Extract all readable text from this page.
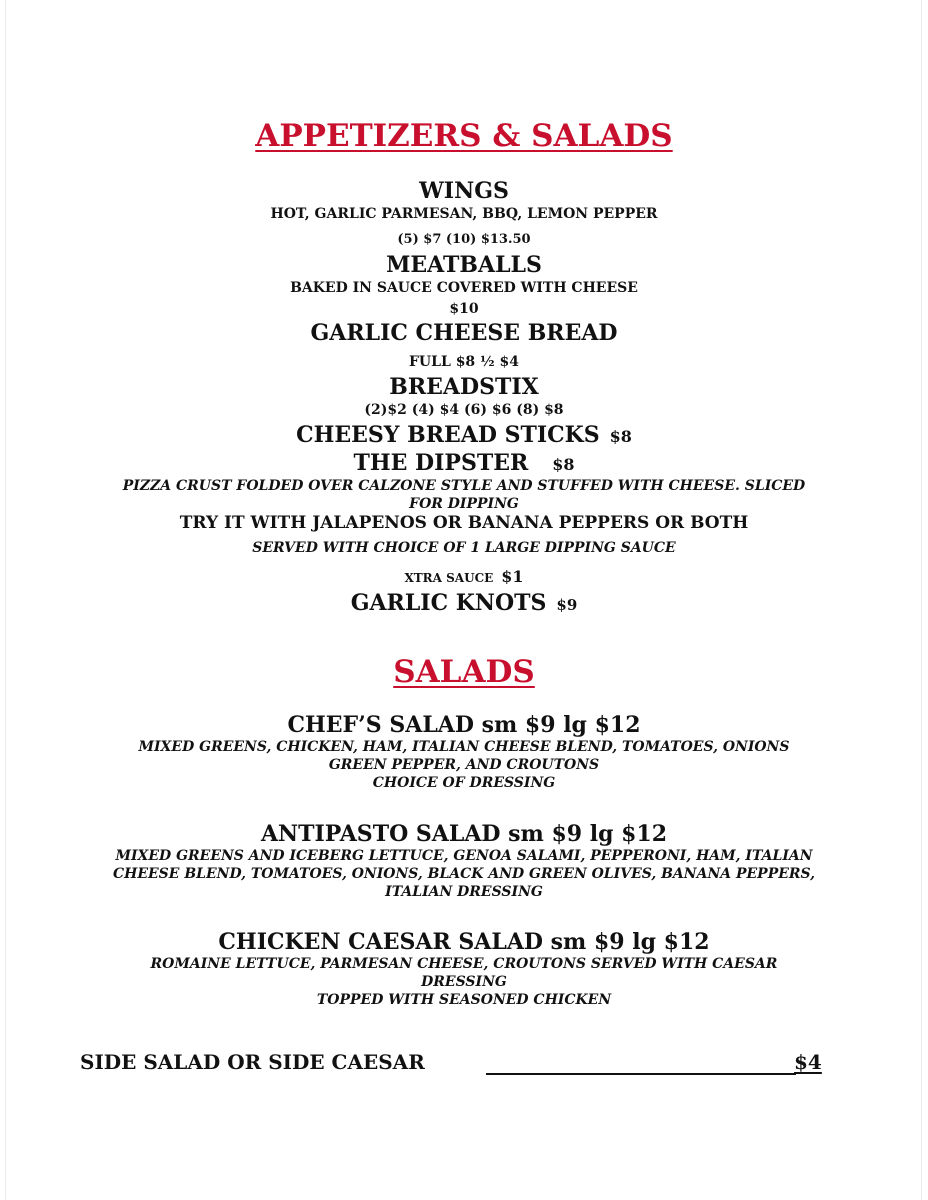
APPETIZERS & SALADS
WINGS
HOT, GARLIC PARMESAN, BBQ, LEMON PEPPER
(5) $7 (10) $13.50
MEATBALLS
BAKED IN SAUCE COVERED WITH CHEESE
$10
GARLIC CHEESE BREAD
FULL $8 ½ $4
BREADSTIX
(2)$2 (4) $4 (6) $6 (8) $8
CHEESY BREAD STICKS $8
THE DIPSTER $8
PIZZA CRUST FOLDED OVER CALZONE STYLE AND STUFFED WITH CHEESE. SLICED
FOR DIPPING
TRY IT WITH JALAPENOS OR BANANA PEPPERS OR BOTH
SERVED WITH CHOICE OF 1 LARGE DIPPING SAUCE
XTRA SAUCE $1
GARLIC KNOTS $9
SALADS
CHEF’S SALAD sm $9 lg $12
MIXED GREENS, CHICKEN, HAM, ITALIAN CHEESE BLEND, TOMATOES, ONIONS
GREEN PEPPER, AND CROUTONS
CHOICE OF DRESSING
ANTIPASTO SALAD sm $9 lg $12
MIXED GREENS AND ICEBERG LETTUCE, GENOA SALAMI, PEPPERONI, HAM, ITALIAN
CHEESE BLEND, TOMATOES, ONIONS, BLACK AND GREEN OLIVES, BANANA PEPPERS,
ITALIAN DRESSING
CHICKEN CAESAR SALAD sm $9 lg $12
ROMAINE LETTUCE, PARMESAN CHEESE, CROUTONS SERVED WITH CAESAR
DRESSING
TOPPED WITH SEASONED CHICKEN
SIDE SALAD OR SIDE CAESAR	$4
